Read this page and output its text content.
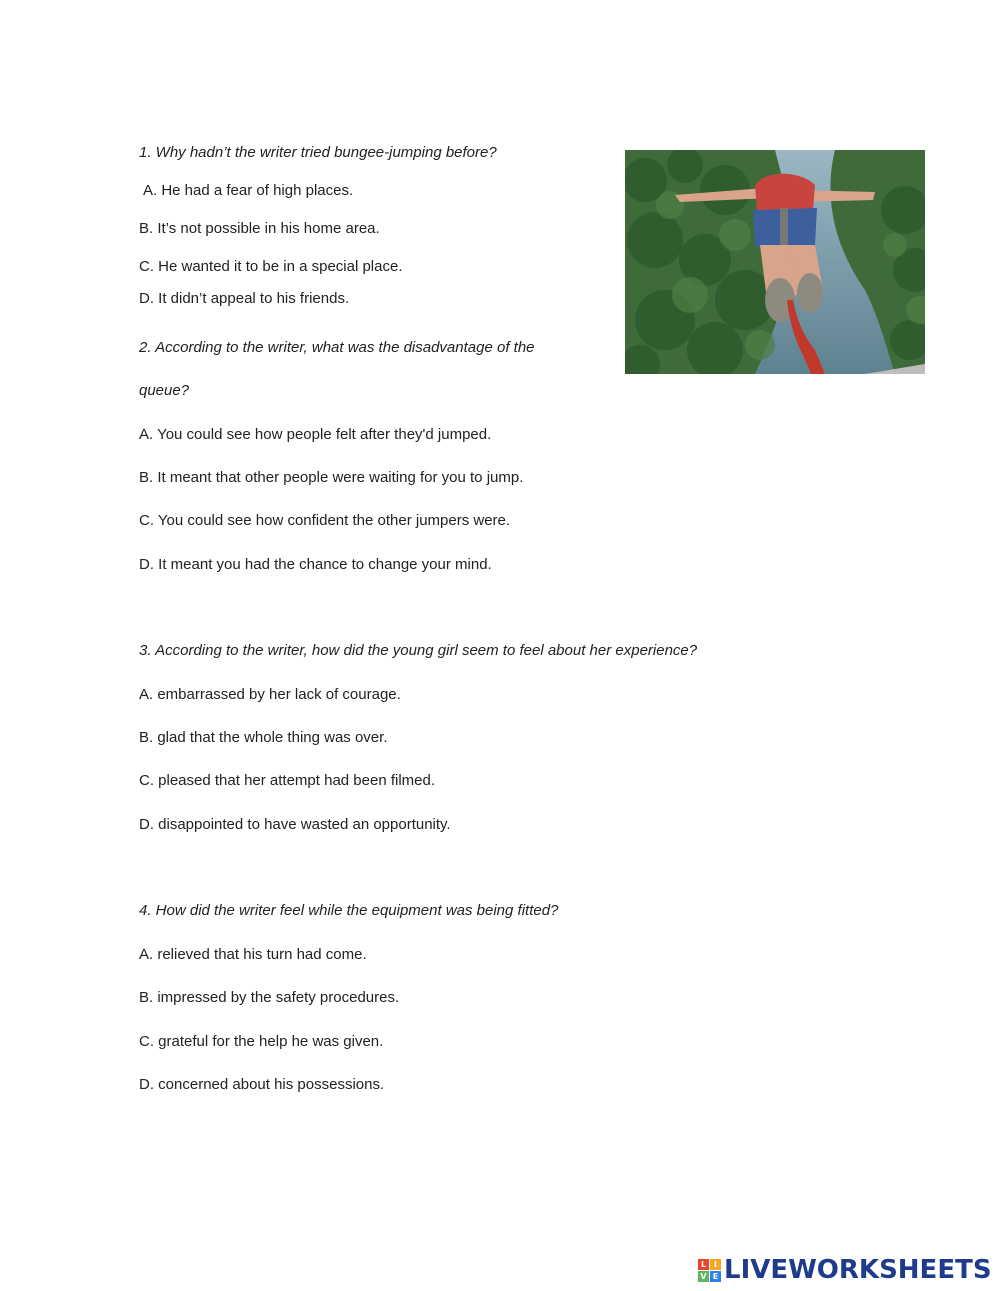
1. Why hadn’t the writer tried bungee-jumping before?
A. He had a fear of high places.
B. It’s not possible in his home area.
C. He wanted it to be in a special place.
D. It didn’t appeal to his friends.
2. According to the writer, what was the disadvantage of the
queue?
A. You could see how people felt after they'd jumped.
B. It meant that other people were waiting for you to jump.
C. You could see how confident the other jumpers were.
D. It meant you had the chance to change your mind.
3. According to the writer, how did the young girl seem to feel about her experience?
A. embarrassed by her lack of courage.
B. glad that the whole thing was over.
C. pleased that her attempt had been filmed.
D. disappointed to have wasted an opportunity.
4. How did the writer feel while the equipment was being fitted?
A. relieved that his turn had come.
B. impressed by the safety procedures.
C. grateful for the help he was given.
D. concerned about his possessions.
L I
V E LIVEWORKSHEETS
